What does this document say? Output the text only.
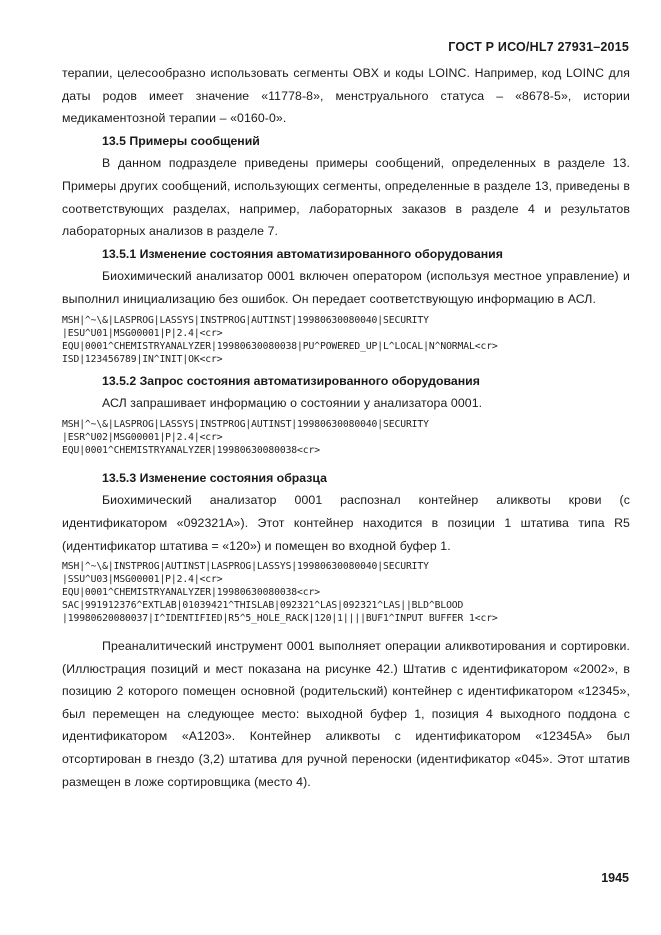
ГОСТ Р ИСО/HL7 27931–2015

терапии, целесообразно использовать сегменты OBX и коды LOINC. Например, код LOINC для даты родов имеет значение «11778-8», менструального статуса – «8678-5», истории медикаментозной терапии – «0160-0».

13.5 Примеры сообщений

В данном подразделе приведены примеры сообщений, определенных в разделе 13. Примеры других сообщений, использующих сегменты, определенные в разделе 13, приведены в соответствующих разделах, например, лабораторных заказов в разделе 4 и результатов лабораторных анализов в разделе 7.

13.5.1 Изменение состояния автоматизированного оборудования

Биохимический анализатор 0001 включен оператором (используя местное управление) и выполнил инициализацию без ошибок. Он передает соответствующую информацию в АСЛ.

MSH|^~\&|LASPROG|LASSYS|INSTPROG|AUTINST|19980630080040|SECURITY
|ESU^U01|MSG00001|P|2.4|<cr>
EQU|0001^CHEMISTRYANALYZER|19980630080038|PU^POWERED_UP|L^LOCAL|N^NORMAL<cr>
ISD|123456789|IN^INIT|OK<cr>
13.5.2 Запрос состояния автоматизированного оборудования

АСЛ запрашивает информацию о состоянии у анализатора 0001.

MSH|^~\&|LASPROG|LASSYS|INSTPROG|AUTINST|19980630080040|SECURITY
|ESR^U02|MSG00001|P|2.4|<cr>
EQU|0001^CHEMISTRYANALYZER|19980630080038<cr>
13.5.3 Изменение состояния образца

Биохимический анализатор 0001 распознал контейнер аликвоты крови (с идентификатором «092321A»). Этот контейнер находится в позиции 1 штатива типа R5 (идентификатор штатива = «120») и помещен во входной буфер 1.

MSH|^~\&|INSTPROG|AUTINST|LASPROG|LASSYS|19980630080040|SECURITY
|SSU^U03|MSG00001|P|2.4|<cr>
EQU|0001^CHEMISTRYANALYZER|19980630080038<cr>
SAC|991912376^EXTLAB|01039421^THISLAB|092321^LAS|092321^LAS||BLD^BLOOD
|19980620080037|I^IDENTIFIED|R5^5_HOLE_RACK|120|1||||BUF1^INPUT BUFFER 1<cr>

Преаналитический инструмент 0001 выполняет операции аликвотирования и сортировки. (Иллюстрация позиций и мест показана на рисунке 42.) Штатив с идентификатором «2002», в позицию 2 которого помещен основной (родительский) контейнер с идентификатором «12345», был перемещен на следующее место: выходной буфер 1, позиция 4 выходного поддона с идентификатором «A1203». Контейнер аликвоты с идентификатором «12345A» был отсортирован в гнездо (3,2) штатива для ручной переноски (идентификатор «045». Этот штатив размещен в ложе сортировщика (место 4).

1945
